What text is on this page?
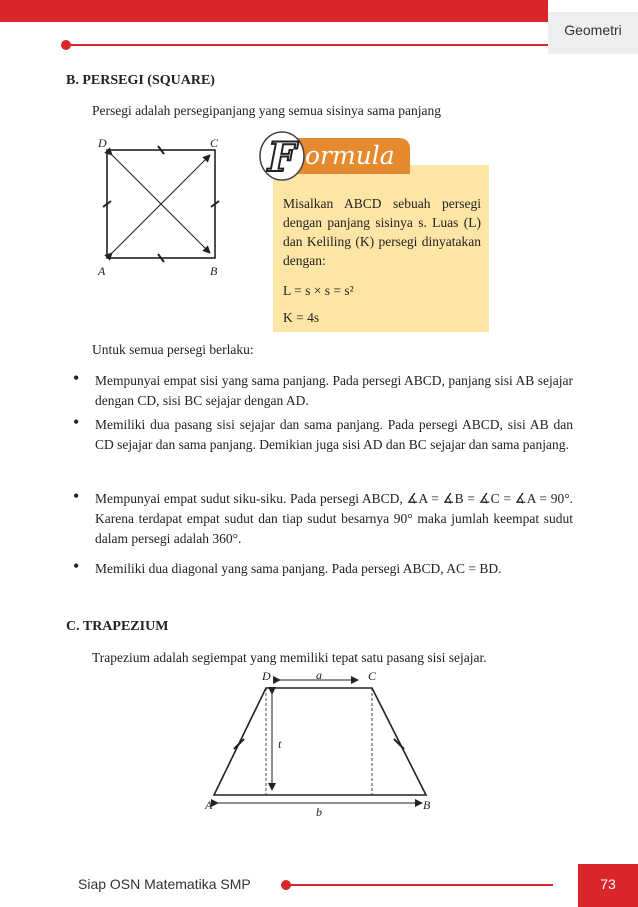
Geometri
B. PERSEGI (SQUARE)
Persegi adalah persegipanjang yang semua sisinya sama panjang
D	C
A	B
F ormula
Misalkan ABCD sebuah persegi dengan panjang sisinya s. Luas (L) dan Keliling (K) persegi dinyatakan dengan:
L = s × s = s²
K = 4s
Untuk semua persegi berlaku:
• Mempunyai empat sisi yang sama panjang. Pada persegi ABCD, panjang sisi AB sejajar dengan CD, sisi BC sejajar dengan AD.
• Memiliki dua pasang sisi sejajar dan sama panjang. Pada persegi ABCD, sisi AB dan CD sejajar dan sama panjang. Demikian juga sisi AD dan BC sejajar dan sama panjang.
• Mempunyai empat sudut siku-siku. Pada persegi ABCD, ∡A = ∡B = ∡C = ∡A = 90°. Karena terdapat empat sudut dan tiap sudut besarnya 90° maka jumlah keempat sudut dalam persegi adalah 360°.
• Memiliki dua diagonal yang sama panjang. Pada persegi ABCD, AC = BD.
C. TRAPEZIUM
Trapezium adalah segiempat yang memiliki tepat satu pasang sisi sejajar.
D	C
a
t
A	B
b
Siap OSN Matematika SMP	73
